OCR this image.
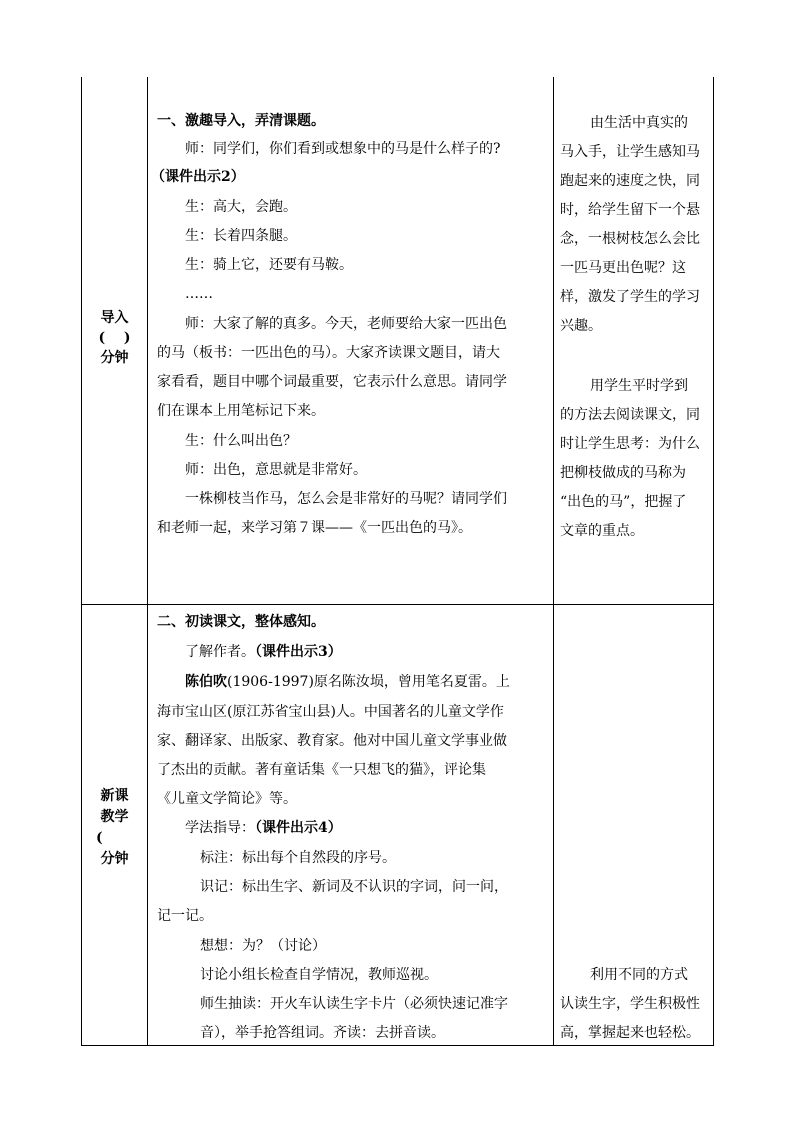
导入
(　 )
分钟
一、激趣导入，弄清课题。
师：同学们，你们看到或想象中的马是什么样子的?
（课件出示2）
生：高大，会跑。
生：长着四条腿。
生：骑上它，还要有马鞍。
……
师：大家了解的真多。今天，老师要给大家一匹出色
的马（板书：一匹出色的马）。大家齐读课文题目，请大
家看看，题目中哪个词最重要，它表示什么意思。请同学
们在课本上用笔标记下来。
生：什么叫出色？
师：出色，意思就是非常好。
一株柳枝当作马，怎么会是非常好的马呢？请同学们
和老师一起，来学习第７课——《一匹出色的马》。
由生活中真实的
马入手，让学生感知马
跑起来的速度之快，同
时，给学生留下一个悬
念，一根树枝怎么会比
一匹马更出色呢？这
样，激发了学生的学习
兴趣。
用学生平时学到
的方法去阅读课文，同
时让学生思考：为什么
把柳枝做成的马称为
“出色的马”，把握了
文章的重点。
新课
教学
(
分钟
二、初读课文，整体感知。
了解作者。（课件出示3）
陈伯吹(1906-1997)原名陈汝埙，曾用笔名夏雷。上
海市宝山区(原江苏省宝山县)人。中国著名的儿童文学作
家、翻译家、出版家、教育家。他对中国儿童文学事业做
了杰出的贡献。著有童话集《一只想飞的猫》，评论集
《儿童文学简论》等。
学法指导：（课件出示4）
标注：标出每个自然段的序号。
识记：标出生字、新词及不认识的字词，问一问，
记一记。
想想：为？（讨论）
讨论小组长检查自学情况，教师巡视。
师生抽读：开火车认读生字卡片（必须快速记准字
音），举手抢答组词。齐读：去拼音读。
利用不同的方式
认读生字，学生积极性
高，掌握起来也轻松。
